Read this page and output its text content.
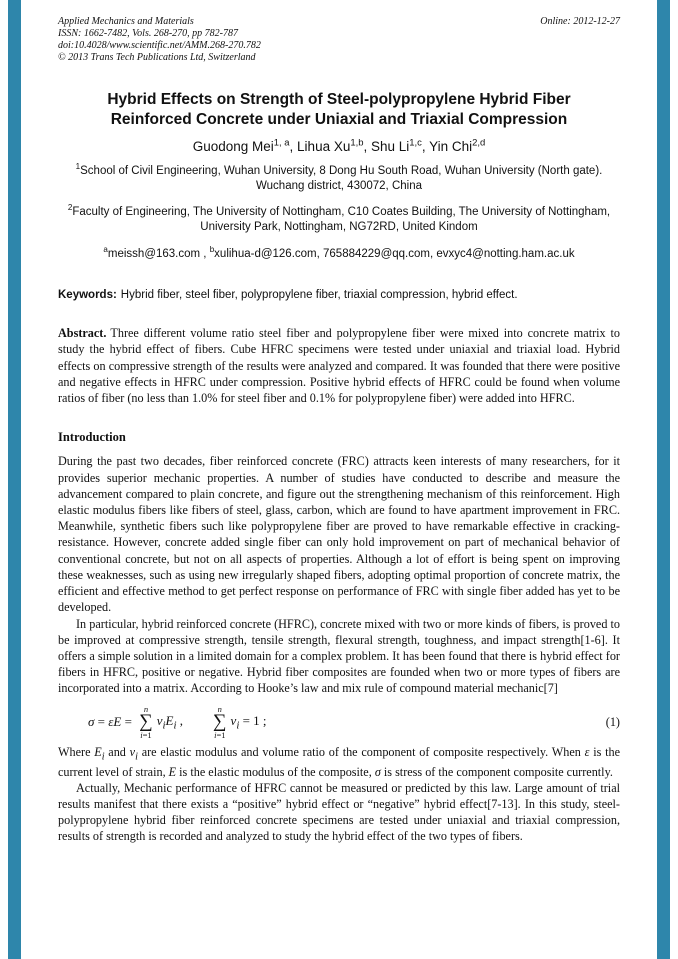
Applied Mechanics and Materials
ISSN: 1662-7482, Vols. 268-270, pp 782-787
doi:10.4028/www.scientific.net/AMM.268-270.782
© 2013 Trans Tech Publications Ltd, Switzerland
Online: 2012-12-27
Hybrid Effects on Strength of Steel-polypropylene Hybrid Fiber
Reinforced Concrete under Uniaxial and Triaxial Compression
Guodong Mei$^{1, a}$, Lihua Xu$^{1,b}$, Shu Li$^{1,c}$, Yin Chi$^{2,d}$
$^1$School of Civil Engineering, Wuhan University, 8 Dong Hu South Road, Wuhan University (North gate). Wuchang district, 430072, China
$^2$Faculty of Engineering, The University of Nottingham, C10 Coates Building, The University of Nottingham, University Park, Nottingham, NG72RD, United Kindom
$^a$meissh@163.com , $^b$xulihua-d@126.com, 765884229@qq.com, evxyc4@notting.ham.ac.uk
Keywords: Hybrid fiber, steel fiber, polypropylene fiber, triaxial compression, hybrid effect.
Abstract. Three different volume ratio steel fiber and polypropylene fiber were mixed into concrete matrix to study the hybrid effect of fibers. Cube HFRC specimens were tested under uniaxial and triaxial load. Hybrid effects on compressive strength of the results were analyzed and compared. It was founded that there were positive and negative effects in HFRC under compression. Positive hybrid effects of HFRC could be found when volume ratios of fiber (no less than 1.0% for steel fiber and 0.1% for polypropylene fiber) were added into HFRC.
Introduction

During the past two decades, fiber reinforced concrete (FRC) attracts keen interests of many researchers, for it provides superior mechanic properties. A number of studies have conducted to describe and measure the advancement compared to plain concrete, and figure out the strengthening mechanism of this reinforcement. High elastic modulus fibers like fibers of steel, glass, carbon, which are found to have apartment improvement in FRC. Meanwhile, synthetic fibers such like polypropylene fiber are proved to have remarkable effective in cracking-resistance. However, concrete added single fiber can only hold improvement on part of mechanical behavior of conventional concrete, but not on all aspects of properties. Although a lot of effort is being spent on improving these weaknesses, such as using new irregularly shaped fibers, adopting optimal proportion of concrete matrix, the efficient and effective method to get perfect response on performance of FRC with single fiber added has yet to be developed.

In particular, hybrid reinforced concrete (HFRC), concrete mixed with two or more kinds of fibers, is proved to be improved at compressive strength, tensile strength, flexural strength, toughness, and impact strength[1-6]. It offers a simple solution in a limited domain for a complex problem. It has been found that there is hybrid effect for fibers in HFRC, positive or negative. Hybrid fiber composites are founded when two or more types of fibers are incorporated into a matrix. According to Hooke’s law and mix rule of compound material mechanic[7]

σ = εE =
n
∑
i=1
$v_iE_i$ ,
n
∑
i=1
$v_i = 1$ ;	(1)

Where $E_i$ and $v_i$ are elastic modulus and volume ratio of the component of composite respectively. When ε is the current level of strain, E is the elastic modulus of the composite, σ is stress of the component composite currently.

Actually, Mechanic performance of HFRC cannot be measured or predicted by this law. Large amount of trial results manifest that there exists a “positive” hybrid effect or “negative” hybrid effect[7-13]. In this study, steel-polypropylene hybrid fiber reinforced concrete specimens are tested under uniaxial and triaxial compression, results of strength is recorded and analyzed to study the hybrid effect of the two types of fibers.
